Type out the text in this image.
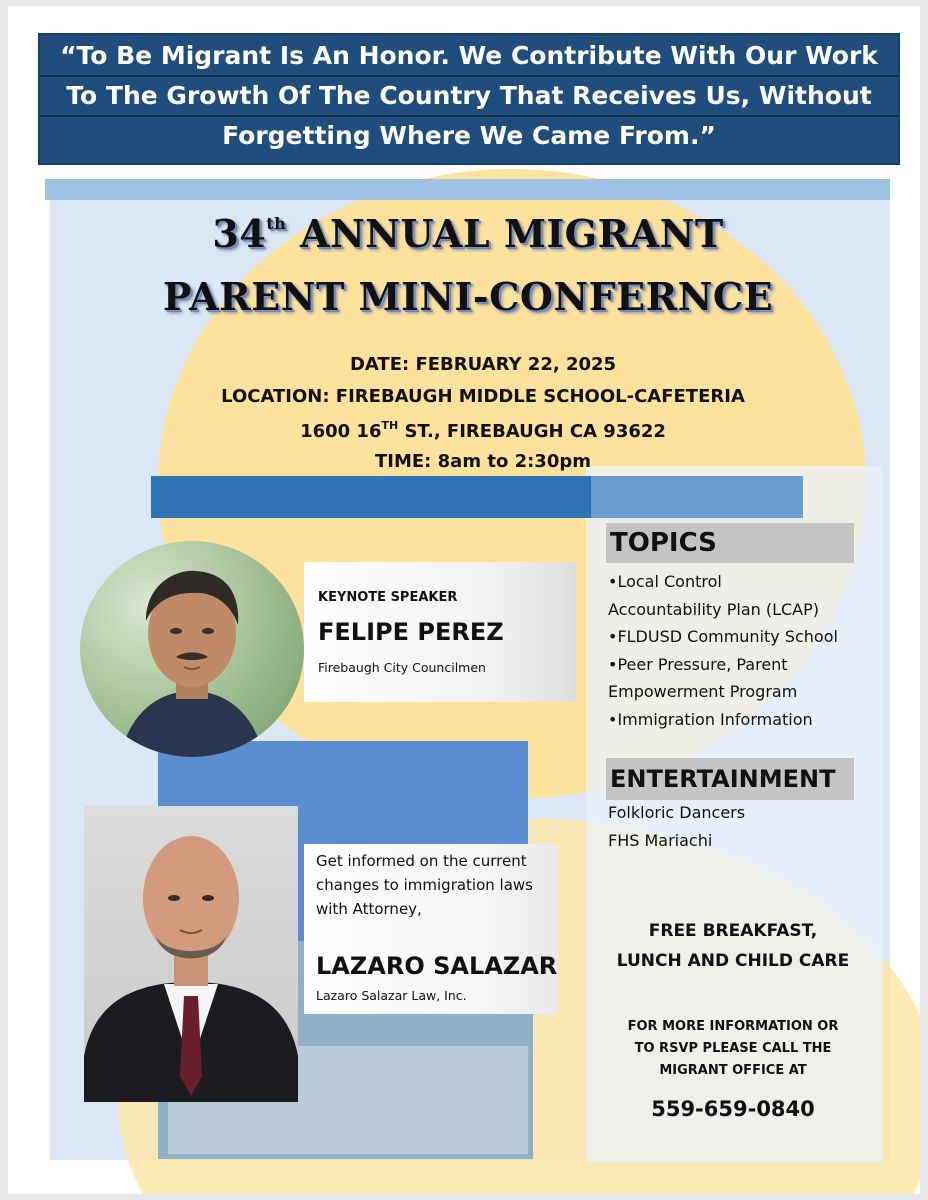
“To Be Migrant Is An Honor. We Contribute With Our Work
To The Growth Of The Country That Receives Us, Without
Forgetting Where We Came From.”
34th ANNUAL MIGRANT
PARENT MINI-CONFERNCE
DATE: FEBRUARY 22, 2025
LOCATION: FIREBAUGH MIDDLE SCHOOL-CAFETERIA
1600 16TH ST., FIREBAUGH CA 93622
TIME: 8am to 2:30pm
KEYNOTE SPEAKER
FELIPE PEREZ
Firebaugh City Councilmen
Get informed on the current
changes to immigration laws
with Attorney,
LAZARO SALAZAR
Lazaro Salazar Law, Inc.
TOPICS
•Local Control
Accountability Plan (LCAP)
•FLDUSD Community School
•Peer Pressure, Parent
Empowerment Program
•Immigration Information
ENTERTAINMENT
Folkloric Dancers
FHS Mariachi
FREE BREAKFAST,
LUNCH AND CHILD CARE
FOR MORE INFORMATION OR
TO RSVP PLEASE CALL THE
MIGRANT OFFICE AT
559-659-0840
